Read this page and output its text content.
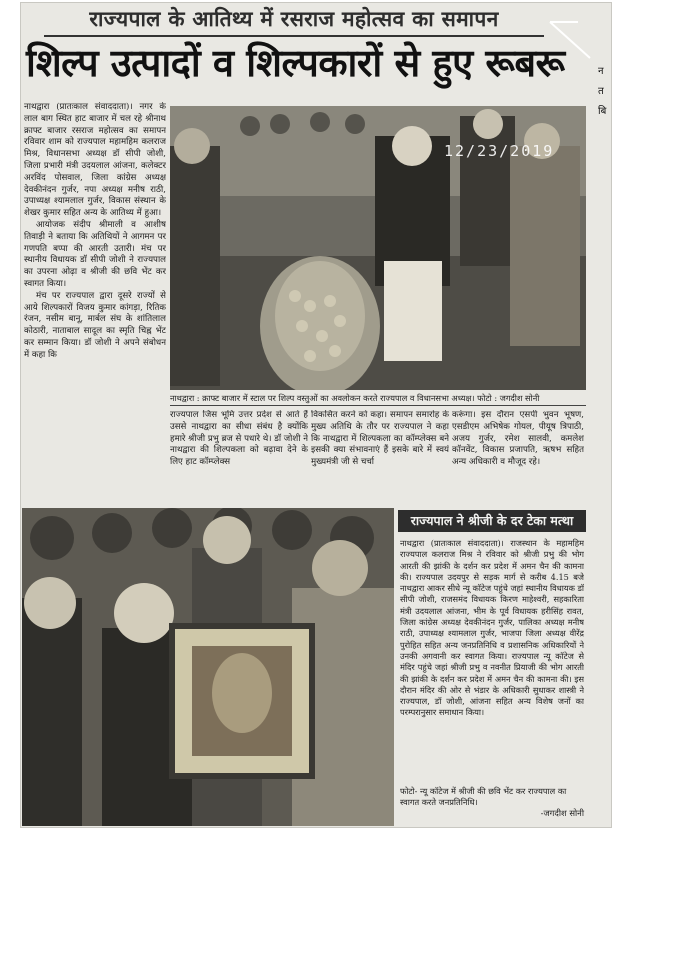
राज्यपाल के आतिथ्य में रसराज महोत्सव का समापन
शिल्प उत्पादों व शिल्पकारों से हुए रूबरू

नाथद्वारा (प्रातःकाल संवाददाता)। नगर के लाल बाग स्थित हाट बाजार में चल रहे श्रीनाथ क्राफ्ट बाजार रसराज महोत्सव का समापन रविवार शाम को राज्यपाल महामहिम कलराज मिश्र, विधानसभा अध्यक्ष डॉ सीपी जोशी, जिला प्रभारी मंत्री उदयलाल आंजना, कलेक्टर अरविंद पोसवाल, जिला कांग्रेस अध्यक्ष देवकीनंदन गुर्जर, नपा अध्यक्ष मनीष राठी, उपाध्यक्ष श्यामलाल गुर्जर, विकास संस्थान के शेखर कुमार सहित अन्य के आतिथ्य में हुआ।

आयोजक संदीप श्रीमाली व आशीष तिवाड़ी ने बताया कि अतिथियों ने आगमन पर गणपति बप्पा की आरती उतारी। मंच पर स्थानीय विधायक डॉ सीपी जोशी ने राज्यपाल का उपरना ओढ़ा व श्रीजी की छवि भेंट कर स्वागत किया।

मंच पर राज्यपाल द्वारा दूसरे राज्यों से आये शिल्पकारों विजय कुमार कांगड़ा, रितिक रंजन, नसीम बानू, मार्बल संघ के शांतिलाल कोठारी, नाताबाल सादूल का स्मृति चिह्न भेंट कर सम्मान किया। डॉ जोशी ने अपने संबोधन में कहा कि

12/23/2019
नाथद्वारा : क्राफ्ट बाजार में स्टाल पर शिल्प वस्तुओं का अवलोकन करते राज्यपाल व विधानसभा अध्यक्ष। फोटो : जगदीश सोनी
राज्यपाल जिस भूमि उत्तर प्रदेश से आते हैं उससे नाथद्वारा का सीधा संबंध है क्योंकि हमारे श्रीजी प्रभु ब्रज से पधारे थे। डॉ जोशी ने नाथद्वारा की शिल्पकला को बढ़ावा देने के लिए हाट कॉम्प्लेक्स
विकसित करने को कहा। समापन समारोह के मुख्य अतिथि के तौर पर राज्यपाल ने कहा कि नाथद्वारा में शिल्पकला का कॉम्प्लेक्स बने इसकी क्या संभावनाएं हैं इसके बारे में स्वयं मुख्यमंत्री जी से चर्चा
करूंगा। इस दौरान एसपी भुवन भूषण, एसडीएम अभिषेक गोयल, पीयूष त्रिपाठी, अजय गुर्जर, रमेश सालवी, कमलेश कॉनवेंट, विकास प्रजापति, ऋषभ सहित अन्य अधिकारी व मौजूद रहे।
राज्यपाल ने श्रीजी के दर टेका मत्था
नाथद्वारा (प्रातःकाल संवाददाता)। राजस्थान के महामहिम राज्यपाल कलराज मिश्र ने रविवार को श्रीजी प्रभु की भोग आरती की झांकी के दर्शन कर प्रदेश में अमन चैन की कामना की। राज्यपाल उदयपुर से सड़क मार्ग से करीब 4.15 बजे नाथद्वारा आकर सीधे न्यू कॉटेज पहुंचे जहां स्थानीय विधायक डॉ सीपी जोशी, राजसमंद विधायक किरण माहेश्वरी, सहकारिता मंत्री उदयलाल आंजना, भीम के पूर्व विधायक हरीसिंह रावत, जिला कांग्रेस अध्यक्ष देवकीनंदन गुर्जर, पालिका अध्यक्ष मनीष राठी, उपाध्यक्ष श्यामलाल गुर्जर, भाजपा जिला अध्यक्ष वीरेंद्र पुरोहित सहित अन्य जनप्रतिनिधि व प्रशासनिक अधिकारियों ने उनकी अगवानी कर स्वागत किया। राज्यपाल न्यू कॉटेज से मंदिर पहुंचे जहां श्रीजी प्रभु व नवनीत प्रियाजी की भोग आरती की झांकी के दर्शन कर प्रदेश में अमन चैन की कामना की। इस दौरान मंदिर की ओर से भंडार के अधिकारी सुधाकर शास्त्री ने राज्यपाल, डॉ जोशी, आंजना सहित अन्य विशेष जनों का परम्परानुसार समाधान किया।
फोटो- न्यू कॉटेज में श्रीजी की छवि भेंट कर राज्यपाल का स्वागत करते जनप्रतिनिधि।
-जगदीश सोनी
न
त
बि
